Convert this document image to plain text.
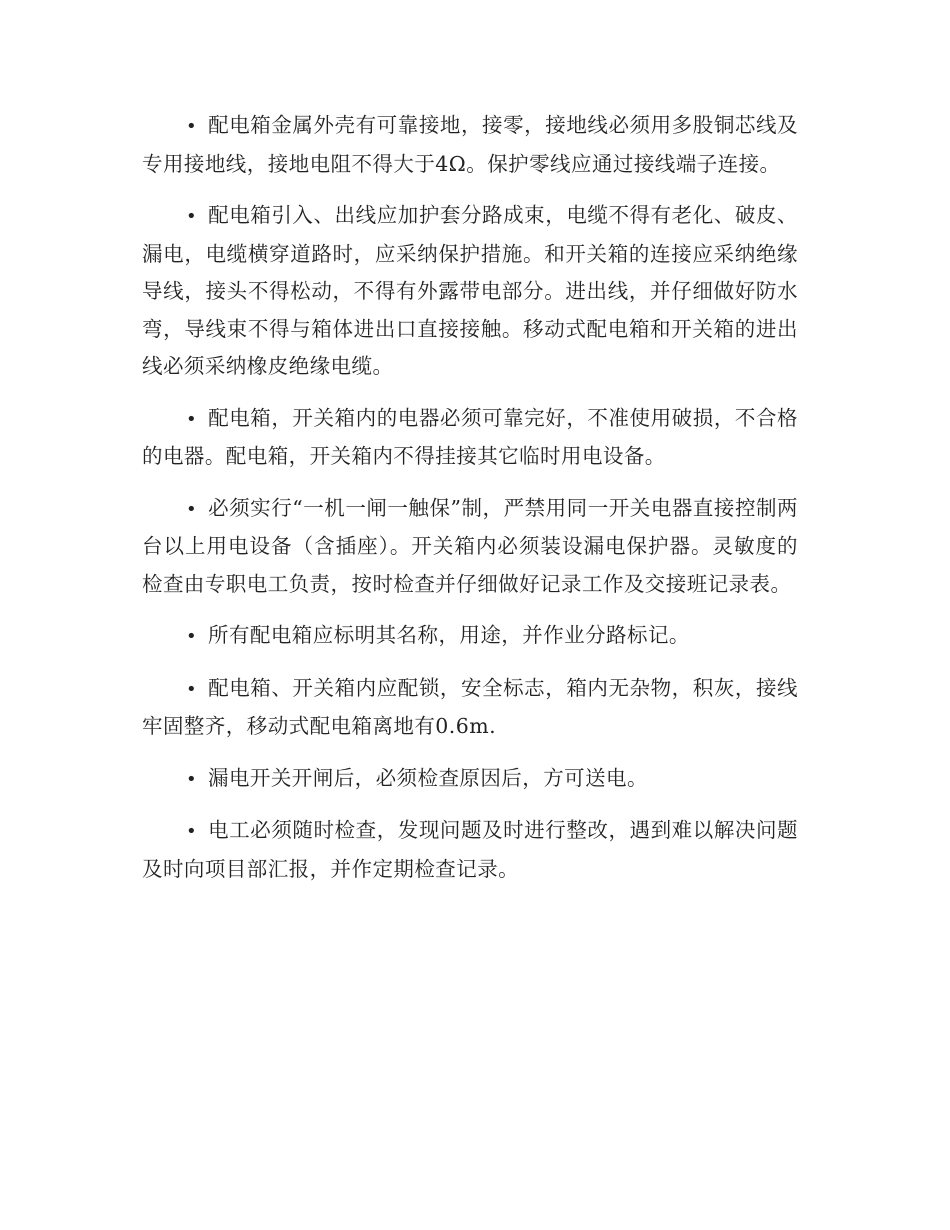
• 配电箱金属外壳有可靠接地，接零，接地线必须用多股铜芯线及专用接地线，接地电阻不得大于4Ω。保护零线应通过接线端子连接。

• 配电箱引入、出线应加护套分路成束，电缆不得有老化、破皮、漏电，电缆横穿道路时，应采纳保护措施。和开关箱的连接应采纳绝缘导线，接头不得松动，不得有外露带电部分。进出线，并仔细做好防水弯，导线束不得与箱体进出口直接接触。移动式配电箱和开关箱的进出线必须采纳橡皮绝缘电缆。

• 配电箱，开关箱内的电器必须可靠完好，不准使用破损，不合格的电器。配电箱，开关箱内不得挂接其它临时用电设备。

• 必须实行“一机一闸一触保”制，严禁用同一开关电器直接控制两台以上用电设备（含插座）。开关箱内必须装设漏电保护器。灵敏度的检查由专职电工负责，按时检查并仔细做好记录工作及交接班记录表。

• 所有配电箱应标明其名称，用途，并作业分路标记。

• 配电箱、开关箱内应配锁，安全标志，箱内无杂物，积灰，接线牢固整齐，移动式配电箱离地有0.6m.

• 漏电开关开闸后，必须检查原因后，方可送电。

• 电工必须随时检查，发现问题及时进行整改，遇到难以解决问题及时向项目部汇报，并作定期检查记录。
